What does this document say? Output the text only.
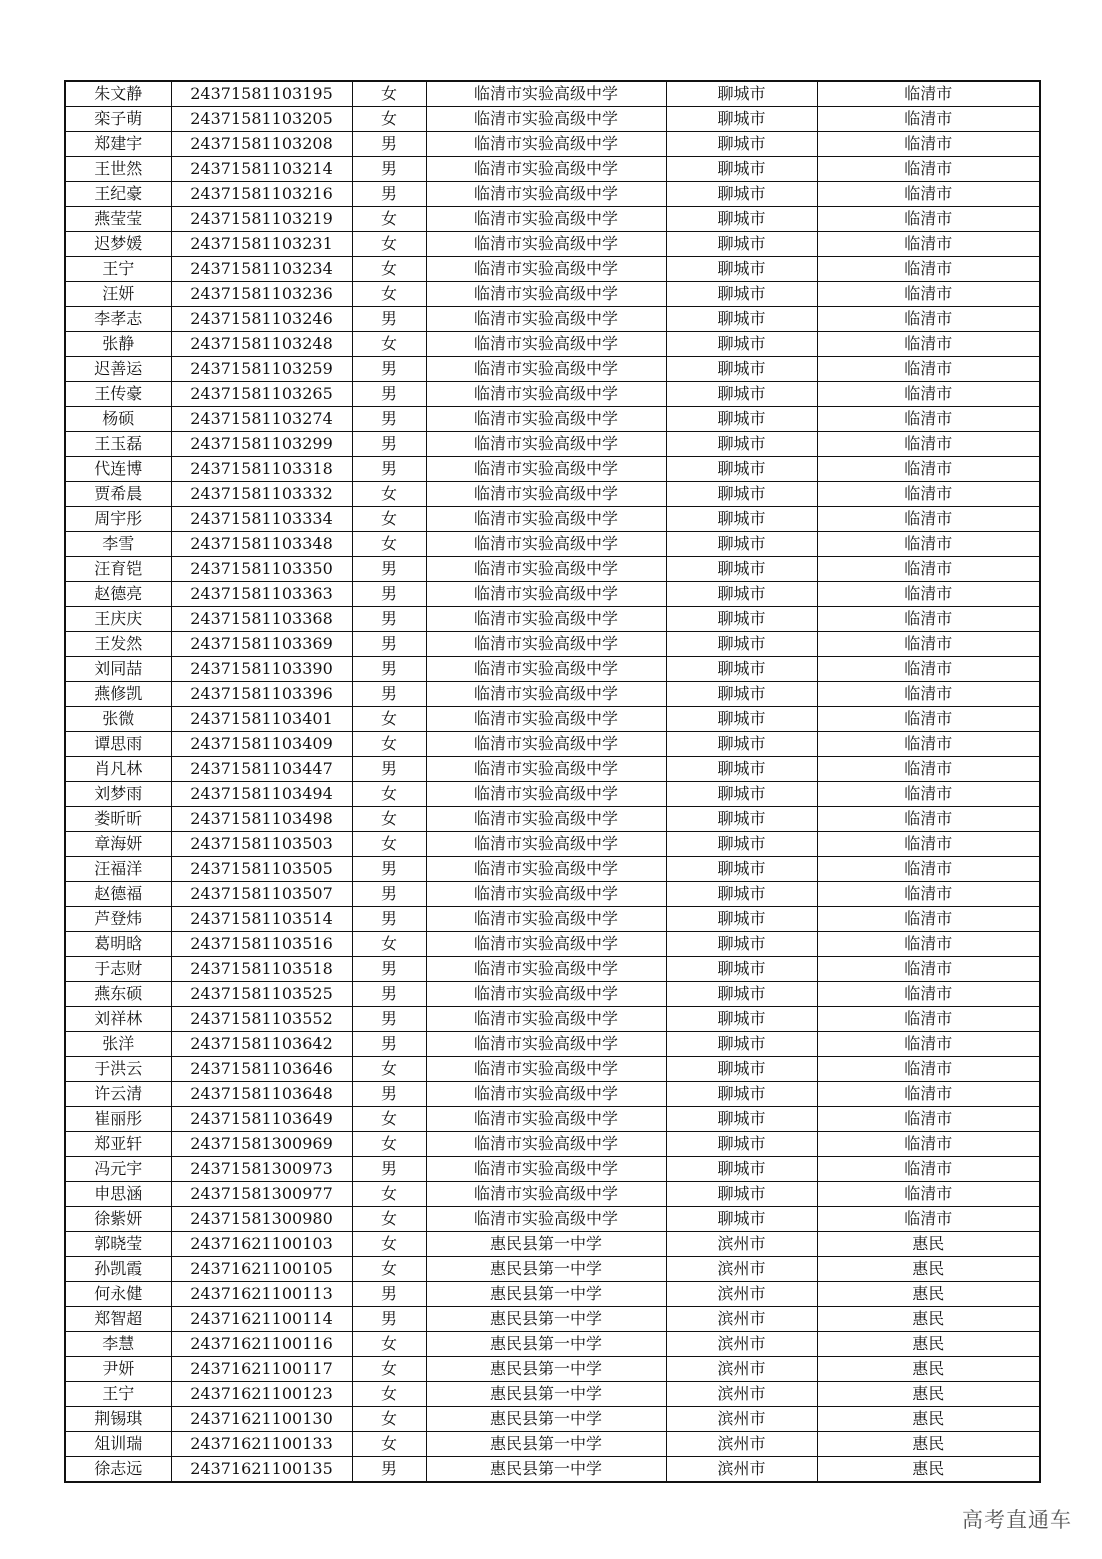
朱文静	24371581103195	女	临清市实验高级中学	聊城市	临清市
栾子萌	24371581103205	女	临清市实验高级中学	聊城市	临清市
郑建宇	24371581103208	男	临清市实验高级中学	聊城市	临清市
王世然	24371581103214	男	临清市实验高级中学	聊城市	临清市
王纪豪	24371581103216	男	临清市实验高级中学	聊城市	临清市
燕莹莹	24371581103219	女	临清市实验高级中学	聊城市	临清市
迟梦媛	24371581103231	女	临清市实验高级中学	聊城市	临清市
王宁	24371581103234	女	临清市实验高级中学	聊城市	临清市
汪妍	24371581103236	女	临清市实验高级中学	聊城市	临清市
李孝志	24371581103246	男	临清市实验高级中学	聊城市	临清市
张静	24371581103248	女	临清市实验高级中学	聊城市	临清市
迟善运	24371581103259	男	临清市实验高级中学	聊城市	临清市
王传豪	24371581103265	男	临清市实验高级中学	聊城市	临清市
杨硕	24371581103274	男	临清市实验高级中学	聊城市	临清市
王玉磊	24371581103299	男	临清市实验高级中学	聊城市	临清市
代连博	24371581103318	男	临清市实验高级中学	聊城市	临清市
贾希晨	24371581103332	女	临清市实验高级中学	聊城市	临清市
周宇彤	24371581103334	女	临清市实验高级中学	聊城市	临清市
李雪	24371581103348	女	临清市实验高级中学	聊城市	临清市
汪育铠	24371581103350	男	临清市实验高级中学	聊城市	临清市
赵德亮	24371581103363	男	临清市实验高级中学	聊城市	临清市
王庆庆	24371581103368	男	临清市实验高级中学	聊城市	临清市
王发然	24371581103369	男	临清市实验高级中学	聊城市	临清市
刘同喆	24371581103390	男	临清市实验高级中学	聊城市	临清市
燕修凯	24371581103396	男	临清市实验高级中学	聊城市	临清市
张微	24371581103401	女	临清市实验高级中学	聊城市	临清市
谭思雨	24371581103409	女	临清市实验高级中学	聊城市	临清市
肖凡林	24371581103447	男	临清市实验高级中学	聊城市	临清市
刘梦雨	24371581103494	女	临清市实验高级中学	聊城市	临清市
娄昕昕	24371581103498	女	临清市实验高级中学	聊城市	临清市
章海妍	24371581103503	女	临清市实验高级中学	聊城市	临清市
汪福洋	24371581103505	男	临清市实验高级中学	聊城市	临清市
赵德福	24371581103507	男	临清市实验高级中学	聊城市	临清市
芦登炜	24371581103514	男	临清市实验高级中学	聊城市	临清市
葛明晗	24371581103516	女	临清市实验高级中学	聊城市	临清市
于志财	24371581103518	男	临清市实验高级中学	聊城市	临清市
燕东硕	24371581103525	男	临清市实验高级中学	聊城市	临清市
刘祥林	24371581103552	男	临清市实验高级中学	聊城市	临清市
张洋	24371581103642	男	临清市实验高级中学	聊城市	临清市
于洪云	24371581103646	女	临清市实验高级中学	聊城市	临清市
许云清	24371581103648	男	临清市实验高级中学	聊城市	临清市
崔丽彤	24371581103649	女	临清市实验高级中学	聊城市	临清市
郑亚轩	24371581300969	女	临清市实验高级中学	聊城市	临清市
冯元宇	24371581300973	男	临清市实验高级中学	聊城市	临清市
申思涵	24371581300977	女	临清市实验高级中学	聊城市	临清市
徐紫妍	24371581300980	女	临清市实验高级中学	聊城市	临清市
郭晓莹	24371621100103	女	惠民县第一中学	滨州市	惠民
孙凯霞	24371621100105	女	惠民县第一中学	滨州市	惠民
何永健	24371621100113	男	惠民县第一中学	滨州市	惠民
郑智超	24371621100114	男	惠民县第一中学	滨州市	惠民
李慧	24371621100116	女	惠民县第一中学	滨州市	惠民
尹妍	24371621100117	女	惠民县第一中学	滨州市	惠民
王宁	24371621100123	女	惠民县第一中学	滨州市	惠民
荆锡琪	24371621100130	女	惠民县第一中学	滨州市	惠民
俎训瑞	24371621100133	女	惠民县第一中学	滨州市	惠民
徐志远	24371621100135	男	惠民县第一中学	滨州市	惠民
高考直通车
